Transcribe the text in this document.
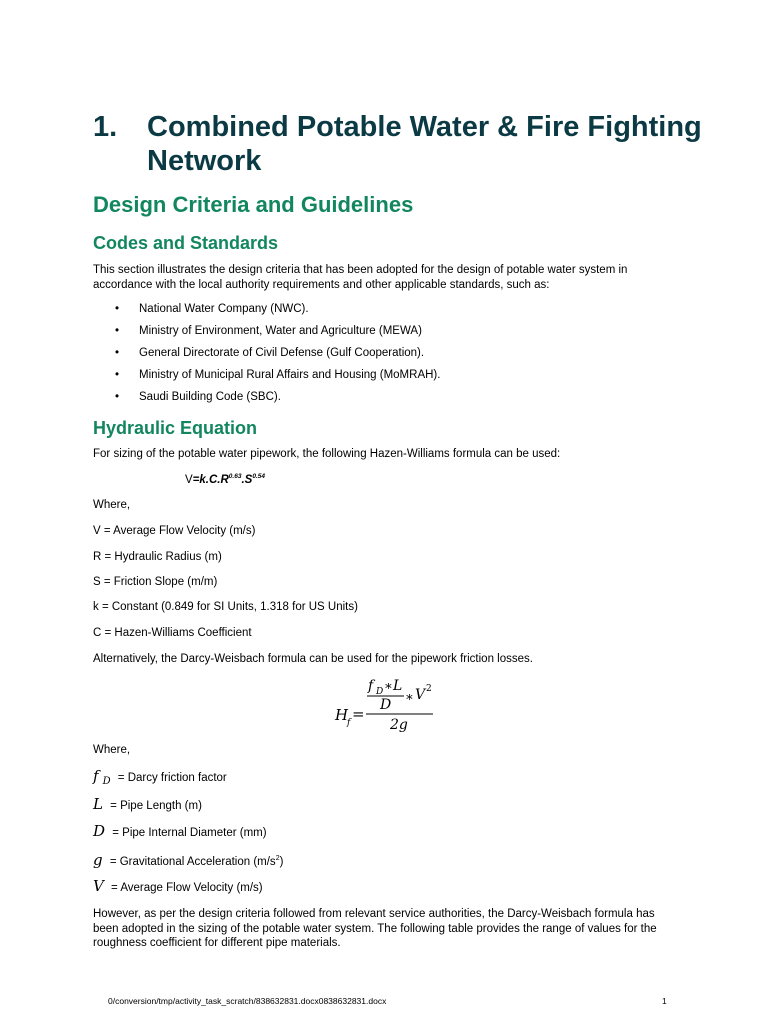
1.	Combined Potable Water & Fire Fighting Network
Design Criteria and Guidelines
Codes and Standards
This section illustrates the design criteria that has been adopted for the design of potable water system in accordance with the local authority requirements and other applicable standards, such as:
•	National Water Company (NWC).
•	Ministry of Environment, Water and Agriculture (MEWA)
•	General Directorate of Civil Defense (Gulf Cooperation).
•	Ministry of Municipal Rural Affairs and Housing (MoMRAH).
•	Saudi Building Code (SBC).
Hydraulic Equation
For sizing of the potable water pipework, the following Hazen-Williams formula can be used:
$V=k.C.R^{0.63}.S^{0.54}$
Where,
V = Average Flow Velocity (m/s)
R = Hydraulic Radius (m)
S = Friction Slope (m/m)
k = Constant (0.849 for SI Units, 1.318 for US Units)
C = Hazen-Williams Coefficient
Alternatively, the Darcy-Weisbach formula can be used for the pipework friction losses.
H
f =
f D ∗ L
D ∗ V 2
2g
Where,
f $_D$ = Darcy friction factor
L = Pipe Length (m)
D = Pipe Internal Diameter (mm)
g = Gravitational Acceleration $(m/s^2)$
V = Average Flow Velocity (m/s)
However, as per the design criteria followed from relevant service authorities, the Darcy-Weisbach formula has been adopted in the sizing of the potable water system. The following table provides the range of values for the roughness coefficient for different pipe materials.
0/conversion/tmp/activity_task_scratch/838632831.docx0838632831.docx	1
